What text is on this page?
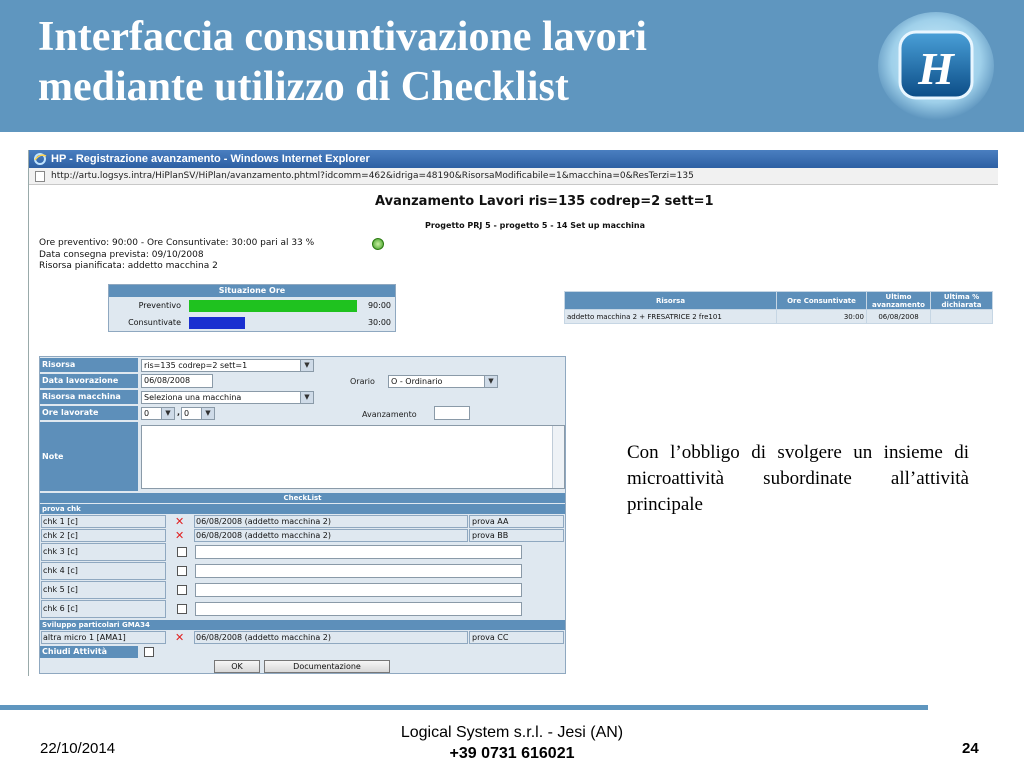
Interfaccia consuntivazione lavori
mediante utilizzo di Checklist	H
HP - Registrazione avanzamento - Windows Internet Explorer
http://artu.logsys.intra/HiPlanSV/HiPlan/avanzamento.phtml?idcomm=462&idriga=48190&RisorsaModificabile=1&macchina=0&ResTerzi=135
Avanzamento Lavori ris=135 codrep=2 sett=1
Progetto PRJ 5 - progetto 5 - 14 Set up macchina
Ore preventivo: 90:00 - Ore Consuntivate: 30:00 pari al 33 %
Data consegna prevista: 09/10/2008
Risorsa pianificata: addetto macchina 2
Situazione Ore
Preventivo	90:00
Consuntivate	30:00
Risorsa	Ore Consuntivate	Ultimo avanzamento	Ultima % dichiarata
addetto macchina 2 + FRESATRICE 2 fre101	30:00	06/08/2008	
Risorsa	ris=135 codrep=2 sett=1	▼
Data lavorazione	06/08/2008	Orario	O - Ordinario	▼
Risorsa macchina	Seleziona una macchina	▼
Ore lavorate	0	▼ , 0	▼	Avanzamento
Note
CheckList
prova chk
chk 1 [c]	✕ 06/08/2008 (addetto macchina 2)	prova AA
chk 2 [c]	✕ 06/08/2008 (addetto macchina 2)	prova BB
chk 3 [c]
chk 4 [c]
chk 5 [c]
chk 6 [c]
Sviluppo particolari GMA34
altra micro 1 [AMA1]	✕ 06/08/2008 (addetto macchina 2)	prova CC
Chiudi Attività
OK	Documentazione
Con l’obbligo di svolgere un insieme di microattività subordinate all’attività principale
22/10/2014
Logical System s.r.l. - Jesi (AN)
+39 0731 616021	24
